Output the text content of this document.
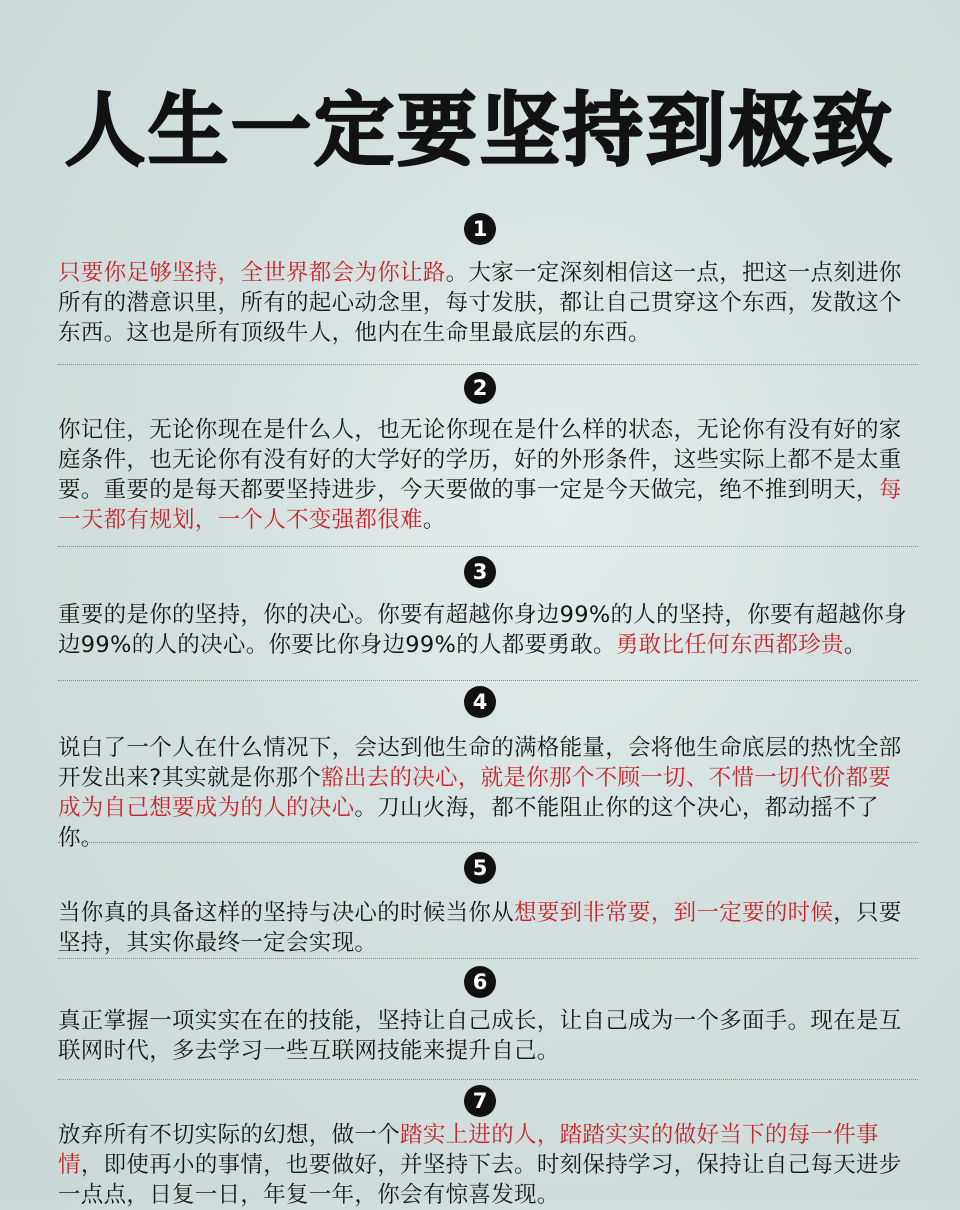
人生一定要坚持到极致
1
只要你足够坚持，全世界都会为你让路。大家一定深刻相信这一点，把这一点刻进你所有的潜意识里，所有的起心动念里，每寸发肤，都让自己贯穿这个东西，发散这个东西。这也是所有顶级牛人，他内在生命里最底层的东西。
2
你记住，无论你现在是什么人，也无论你现在是什么样的状态，无论你有没有好的家庭条件，也无论你有没有好的大学好的学历，好的外形条件，这些实际上都不是太重要。重要的是每天都要坚持进步，今天要做的事一定是今天做完，绝不推到明天，每一天都有规划，一个人不变强都很难。
3
重要的是你的坚持，你的决心。你要有超越你身边99%的人的坚持，你要有超越你身边99%的人的决心。你要比你身边99%的人都要勇敢。勇敢比任何东西都珍贵。
4
说白了一个人在什么情况下，会达到他生命的满格能量，会将他生命底层的热忱全部开发出来?其实就是你那个豁出去的决心，就是你那个不顾一切、不惜一切代价都要成为自己想要成为的人的决心。刀山火海，都不能阻止你的这个决心，都动摇不了你。
5
当你真的具备这样的坚持与决心的时候当你从想要到非常要，到一定要的时候，只要坚持，其实你最终一定会实现。
6
真正掌握一项实实在在的技能，坚持让自己成长，让自己成为一个多面手。现在是互联网时代，多去学习一些互联网技能来提升自己。
7
放弃所有不切实际的幻想，做一个踏实上进的人，踏踏实实的做好当下的每一件事情，即使再小的事情，也要做好，并坚持下去。时刻保持学习，保持让自己每天进步一点点，日复一日，年复一年，你会有惊喜发现。
